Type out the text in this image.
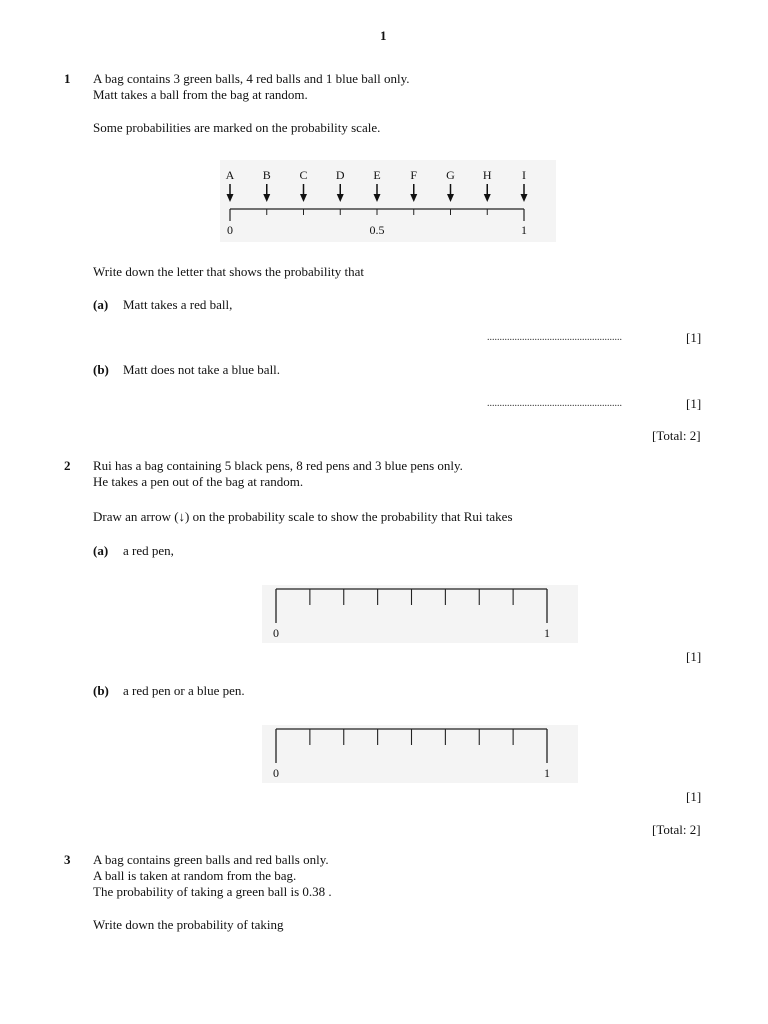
1
1 A bag contains 3 green balls, 4 red balls and 1 blue ball only.
Matt takes a ball from the bag at random.
Some probabilities are marked on the probability scale.
A B C D E F G H	I
0	0.5	1
Write down the letter that shows the probability that
(a) Matt takes a red ball,
......................................................	[1]
(b) Matt does not take a blue ball.
......................................................	[1]
[Total: 2]
2 Rui has a bag containing 5 black pens, 8 red pens and 3 blue pens only.
He takes a pen out of the bag at random.
Draw an arrow (↓) on the probability scale to show the probability that Rui takes
(a) a red pen,
0	1
[1]
(b) a red pen or a blue pen.
0	1
[1]
[Total: 2]
3 A bag contains green balls and red balls only.
A ball is taken at random from the bag.
The probability of taking a green ball is 0.38 .
Write down the probability of taking
